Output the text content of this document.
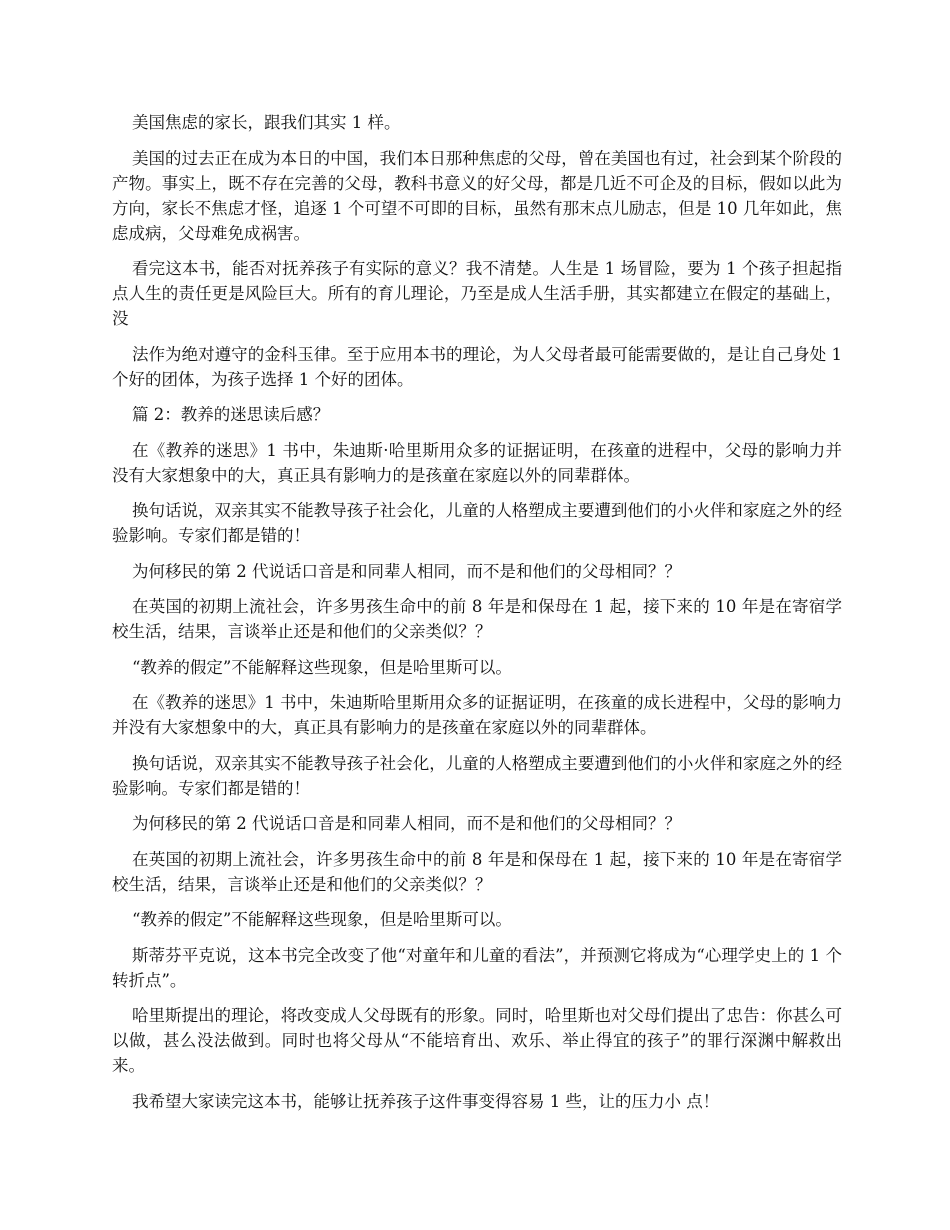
美国焦虑的家长，跟我们其实 1 样。

美国的过去正在成为本日的中国，我们本日那种焦虑的父母，曾在美国也有过，社会到某个阶段的产物。事实上，既不存在完善的父母，教科书意义的好父母，都是几近不可企及的目标，假如以此为方向，家长不焦虑才怪，追逐 1 个可望不可即的目标，虽然有那末点儿励志，但是 10 几年如此，焦虑成病，父母难免成祸害。

看完这本书，能否对抚养孩子有实际的意义？我不清楚。人生是 1 场冒险，要为 1 个孩子担起指点人生的责任更是风险巨大。所有的育儿理论，乃至是成人生活手册，其实都建立在假定的基础上，没

法作为绝对遵守的金科玉律。至于应用本书的理论，为人父母者最可能需要做的，是让自己身处 1 个好的团体，为孩子选择 1 个好的团体。

篇 2：教养的迷思读后感？

在《教养的迷思》1 书中，朱迪斯·哈里斯用众多的证据证明，在孩童的进程中，父母的影响力并没有大家想象中的大，真正具有影响力的是孩童在家庭以外的同辈群体。

换句话说，双亲其实不能教导孩子社会化，儿童的人格塑成主要遭到他们的小火伴和家庭之外的经验影响。专家们都是错的！

为何移民的第 2 代说话口音是和同辈人相同，而不是和他们的父母相同？？

在英国的初期上流社会，许多男孩生命中的前 8 年是和保母在 1 起，接下来的 10 年是在寄宿学校生活，结果，言谈举止还是和他们的父亲类似？？

“教养的假定”不能解释这些现象，但是哈里斯可以。

在《教养的迷思》1 书中，朱迪斯哈里斯用众多的证据证明，在孩童的成长进程中，父母的影响力并没有大家想象中的大，真正具有影响力的是孩童在家庭以外的同辈群体。

换句话说，双亲其实不能教导孩子社会化，儿童的人格塑成主要遭到他们的小火伴和家庭之外的经验影响。专家们都是错的！

为何移民的第 2 代说话口音是和同辈人相同，而不是和他们的父母相同？？

在英国的初期上流社会，许多男孩生命中的前 8 年是和保母在 1 起，接下来的 10 年是在寄宿学校生活，结果，言谈举止还是和他们的父亲类似？？

“教养的假定”不能解释这些现象，但是哈里斯可以。

斯蒂芬平克说，这本书完全改变了他“对童年和儿童的看法”，并预测它将成为“心理学史上的 1 个转折点”。

哈里斯提出的理论，将改变成人父母既有的形象。同时，哈里斯也对父母们提出了忠告：你甚么可以做，甚么没法做到。同时也将父母从“不能培育出、欢乐、举止得宜的孩子”的罪行深渊中解救出来。

我希望大家读完这本书，能够让抚养孩子这件事变得容易 1 些，让的压力小 点！
